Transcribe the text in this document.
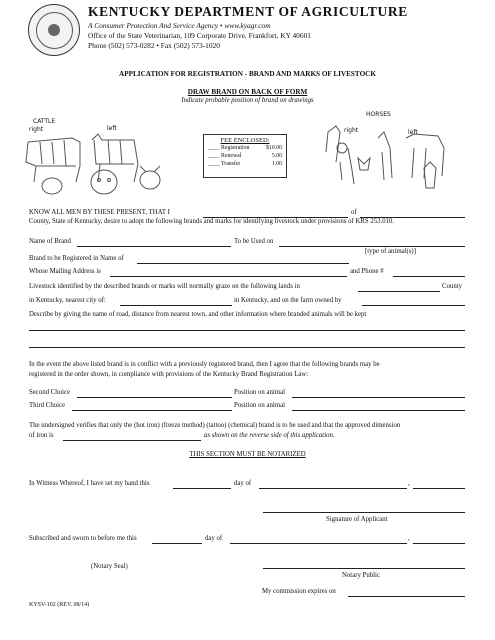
KENTUCKY DEPARTMENT OF AGRICULTURE
A Consumer Protection And Service Agency • www.kyagr.com
Office of the State Veterinarian, 109 Corporate Drive, Frankfort, KY 40601
Phone (502) 573-0282 • Fax (502) 573-1020
APPLICATION FOR REGISTRATION - BRAND AND MARKS OF LIVESTOCK
DRAW BRAND ON BACK OF FORM
Indicate probable position of brand on drawings
CATTLE
right	left
FEE ENCLOSED:
____ Registration	$10.00
____ Renewal	5.00
____ Transfer	1.00
HORSES
right	left
KNOW ALL MEN BY THESE PRESENT, THAT I	of
County, State of Kentucky, desire to adopt the following brands and marks for identifying livestock under provisions of KRS 253.010.
Name of Brand	To be Used on
[type of animal(s)]
Brand to be Registered in Name of
Whose Mailing Address is	and Phone #
Livestock identified by the described brands or marks will normally graze on the following lands in	County
in Kentucky, nearest city of:	in Kentucky, and on the farm owned by
Describe by giving the name of road, distance from nearest town, and other information where branded animals will be kept
In the event the above listed brand is in conflict with a previously registered brand, then I agree that the following brands may be
registered in the order shown, in compliance with provisions of the Kentucky Brand Registration Law:
Second Choice	Position on animal
Third Choice	Position on animal
The undersigned verifies that only the (hot iron) (freeze method) (tattoo) (chemical) brand is to be used and that the approved dimension
of iron is	as shown on the reverse side of this application.
THIS SECTION MUST BE NOTARIZED
In Witness Whereof, I have set my hand this	day of	,
Signature of Applicant
Subscribed and sworn to before me this	day of	,
(Notary Seal)
Notary Public
My commission expires on
KYSV-102 (REV. 08/14)
